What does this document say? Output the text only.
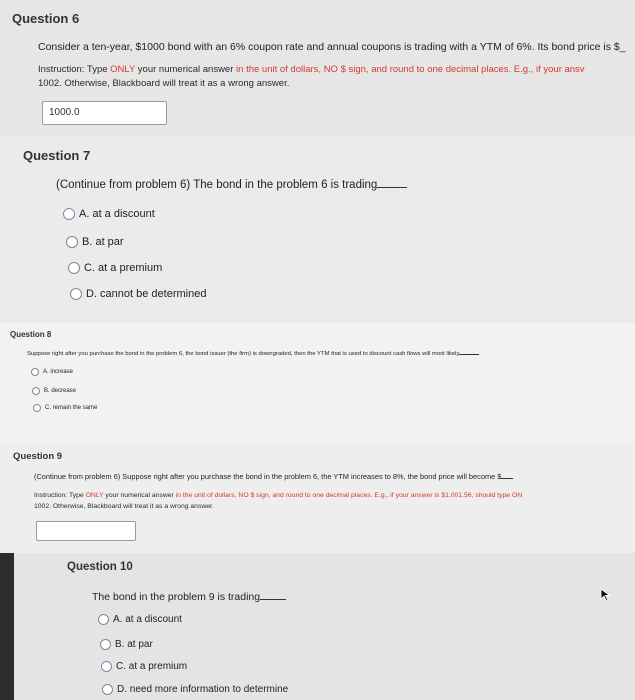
Question 6
Consider a ten-year, $1000 bond with an 6% coupon rate and annual coupons is trading with a YTM of 6%. Its bond price is $_
Instruction: Type ONLY your numerical answer in the unit of dollars, NO $ sign, and round to one decimal places. E.g., if your ansv
1002. Otherwise, Blackboard will treat it as a wrong answer.
1000.0
Question 7
(Continue from problem 6) The bond in the problem 6 is trading
A. at a discount
B. at par
C. at a premium
D. cannot be determined
Question 8
Suppose right after you purchase the bond in the problem 6, the bond issuer (the firm) is downgraded, then the YTM that is used to discount cash flows will most likely
A. increase
B. decrease
C. remain the same
Question 9
(Continue from problem 6) Suppose right after you purchase the bond in the problem 6, the YTM increases to 8%, the bond price will become $
Instruction: Type ONLY your numerical answer in the unit of dollars, NO $ sign, and round to one decimal places. E.g., if your answer is $1,001.56, should type ON
1002. Otherwise, Blackboard will treat it as a wrong answer.
Question 10
The bond in the problem 9 is trading
A. at a discount
B. at par
C. at a premium
D. need more information to determine
